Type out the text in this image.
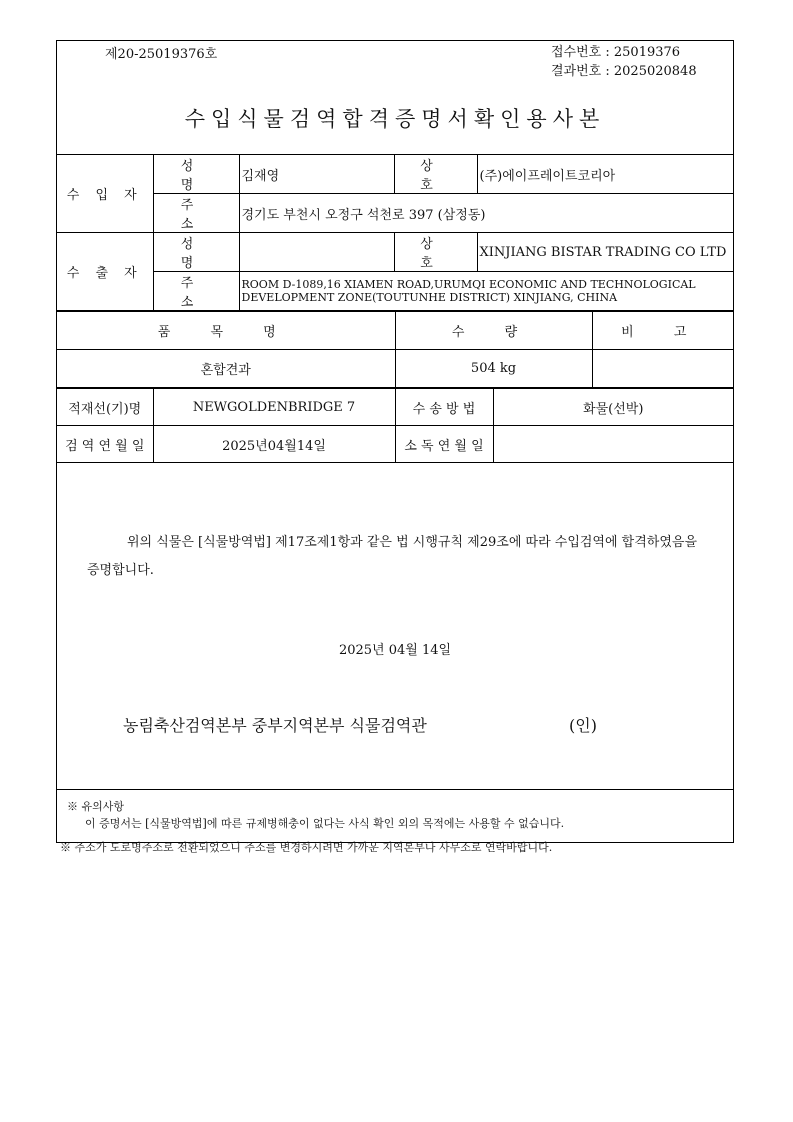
제20-25019376호	접수번호 : 25019376
결과번호 : 2025020848
수입식물검역합격증명서확인용사본
수 입 자	성 명	김재영	상 호	(주)에이프레이트코리아
	주 소	경기도 부천시 오정구 석천로 397 (삼정동)		
수 출 자	성 명		상 호	XINJIANG BISTAR TRADING CO LTD
	주 소	ROOM D-1089,16 XIAMEN ROAD,URUMQI ECONOMIC AND TECHNOLOGICAL DEVELOPMENT ZONE(TOUTUNHE DISTRICT) XINJIANG, CHINA		
품 목 명	수 량	비 고
혼합견과	504 kg	
적재선(기)명	NEWGOLDENBRIDGE 7	수 송 방 법	화물(선박)
검 역 연 월 일	2025년04월14일	소 독 연 월 일	
위의 식물은 [식물방역법] 제17조제1항과 같은 법 시행규칙 제29조에 따라 수입검역에 합격하였음을 증명합니다.
2025년 04월 14일
농림축산검역본부 중부지역본부 식물검역관	(인)
※ 유의사항
이 증명서는 [식물방역법]에 따른 규제병해충이 없다는 사식 확인 외의 목적에는 사용할 수 없습니다.
※ 주소가 도로명주소로 전환되었으니 주소를 변경하시려면 가까운 지역본부나 사무소로 연락바랍니다.
